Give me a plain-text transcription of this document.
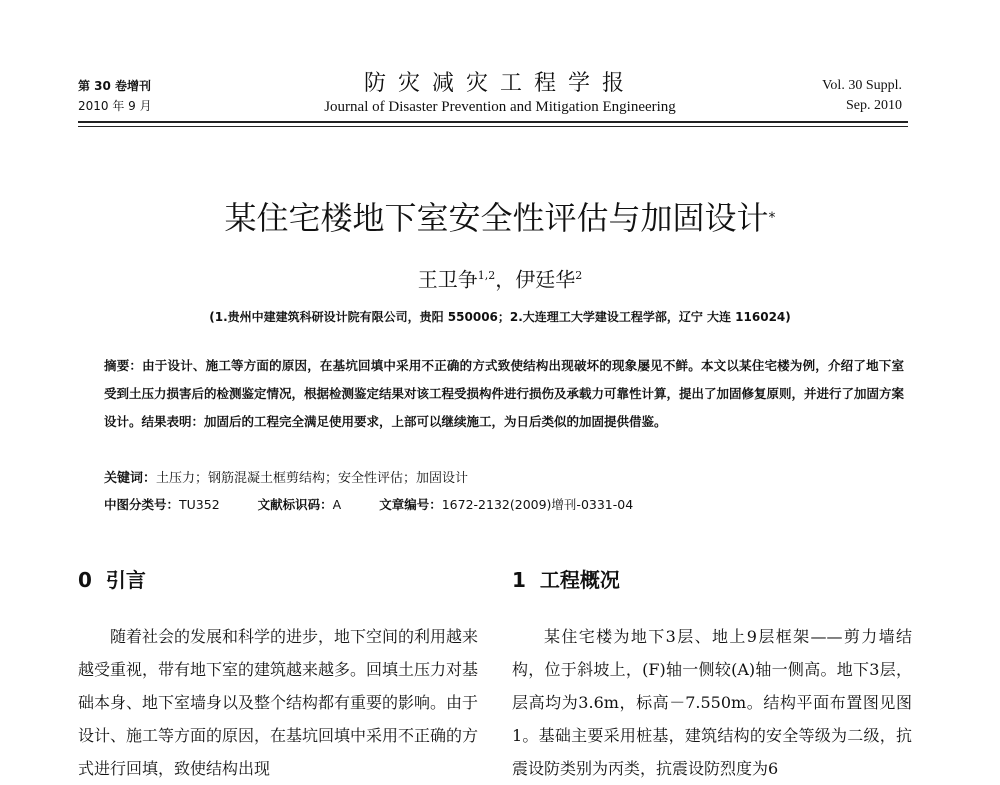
第 30 卷增刊
2010 年 9 月
防灾减灾工程学报
Journal of Disaster Prevention and Mitigation Engineering
Vol. 30 Suppl.
Sep. 2010
某住宅楼地下室安全性评估与加固设计*
王卫争$^{1,2}$，伊廷华$^2$
(1.贵州中建建筑科研设计院有限公司，贵阳 550006；2.大连理工大学建设工程学部，辽宁 大连 116024)
摘要：由于设计、施工等方面的原因，在基坑回填中采用不正确的方式致使结构出现破坏的现象屡见不鲜。本文以某住宅楼为例，介绍了地下室受到土压力损害后的检测鉴定情况，根据检测鉴定结果对该工程受损构件进行损伤及承载力可靠性计算，提出了加固修复原则，并进行了加固方案设计。结果表明：加固后的工程完全满足使用要求，上部可以继续施工，为日后类似的加固提供借鉴。
关键词：土压力；钢筋混凝土框剪结构；安全性评估；加固设计
中图分类号：TU352	文献标识码：A	文章编号：1672-2132(2009)增刊-0331-04
0 引言	1 工程概况

随着社会的发展和科学的进步，地下空间的利用越来越受重视，带有地下室的建筑越来越多。回填土压力对基础本身、地下室墙身以及整个结构都有重要的影响。由于设计、施工等方面的原因，在基坑回填中采用不正确的方式进行回填，致使结构出现

某住宅楼为地下3层、地上9层框架——剪力墙结构，位于斜坡上，(F)轴一侧较(A)轴一侧高。地下3层，层高均为3.6m，标高－7.550m。结构平面布置图见图1。基础主要采用桩基，建筑结构的安全等级为二级，抗震设防类别为丙类，抗震设防烈度为6
